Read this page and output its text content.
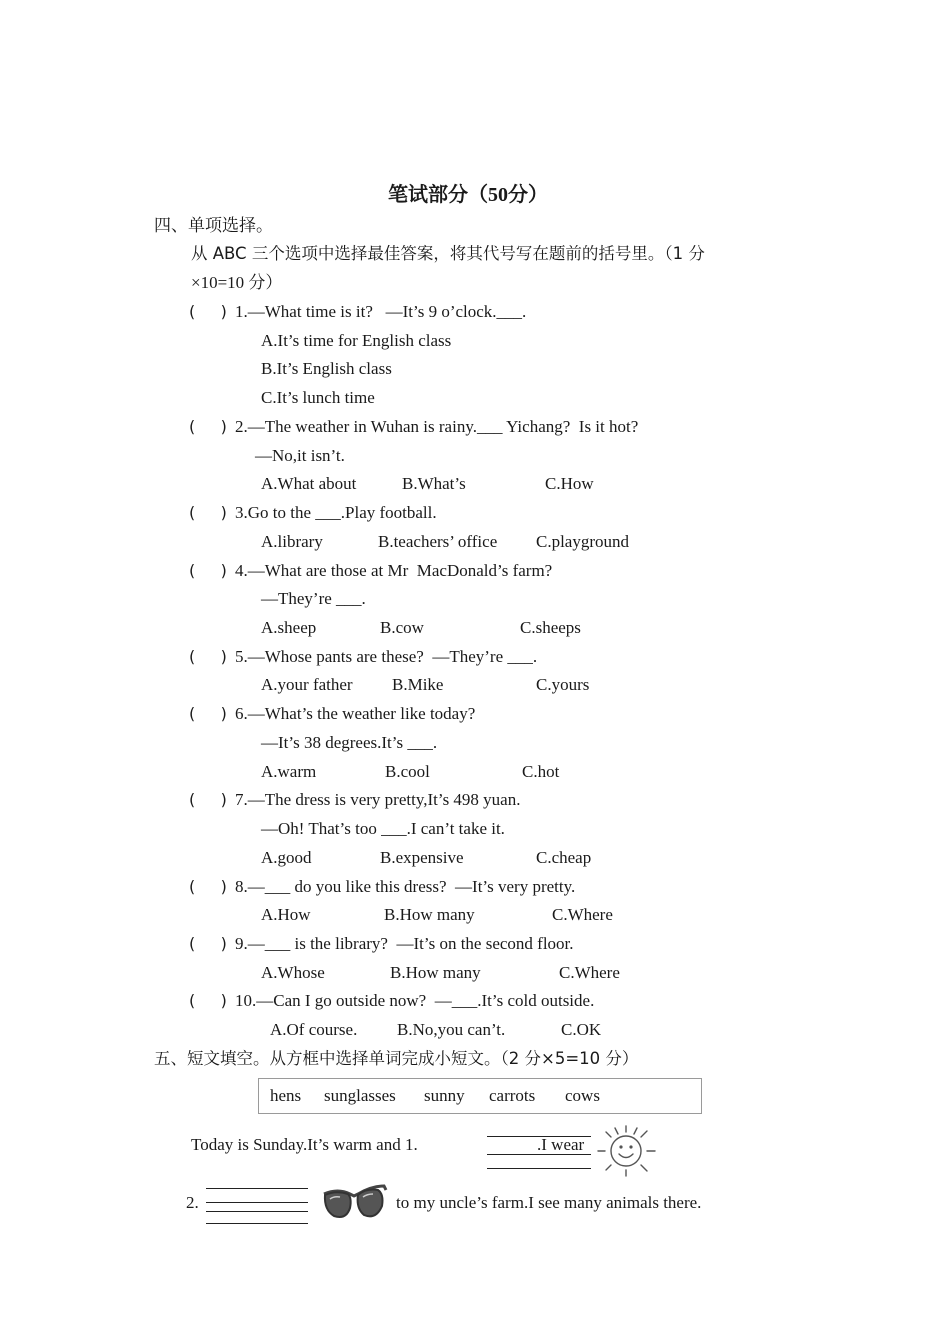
笔试部分（50分）
四、单项选择。
从 ABC 三个选项中选择最佳答案，将其代号写在题前的括号里。（1 分
×10=10 分）
(     ) 1.—What time is it?   —It’s 9 o’clock.___.
A.It’s time for English class
B.It’s English class
C.It’s lunch time
(     ) 2.—The weather in Wuhan is rainy.___ Yichang?  Is it hot?
—No,it isn’t.
A.What about	B.What’s	C.How
(     ) 3.Go to the ___.Play football.
A.library	B.teachers’ office C.playground
(     ) 4.—What are those at Mr  MacDonald’s farm?
—They’re ___.
A.sheep	B.cow	C.sheeps
(     ) 5.—Whose pants are these?  —They’re ___.
A.your father B.Mike	C.yours
(     ) 6.—What’s the weather like today?
—It’s 38 degrees.It’s ___.
A.warm	B.cool	C.hot
(     ) 7.—The dress is very pretty,It’s 498 yuan.
—Oh! That’s too ___.I can’t take it.
A.good	B.expensive	C.cheap
(     ) 8.—___ do you like this dress?  —It’s very pretty.
A.How	B.How many	C.Where
(     ) 9.—___ is the library?  —It’s on the second floor.
A.Whose	B.How many	C.Where
(     ) 10.—Can I go outside now?  —___.It’s cold outside.
A.Of course. B.No,you can’t.	C.OK
五、短文填空。从方框中选择单词完成小短文。（2 分×5=10 分）
hens sunglasses sunny carrots cows
Today is Sunday.It’s warm and 1.	.I wear
2.	to my uncle’s farm.I see many animals there.
